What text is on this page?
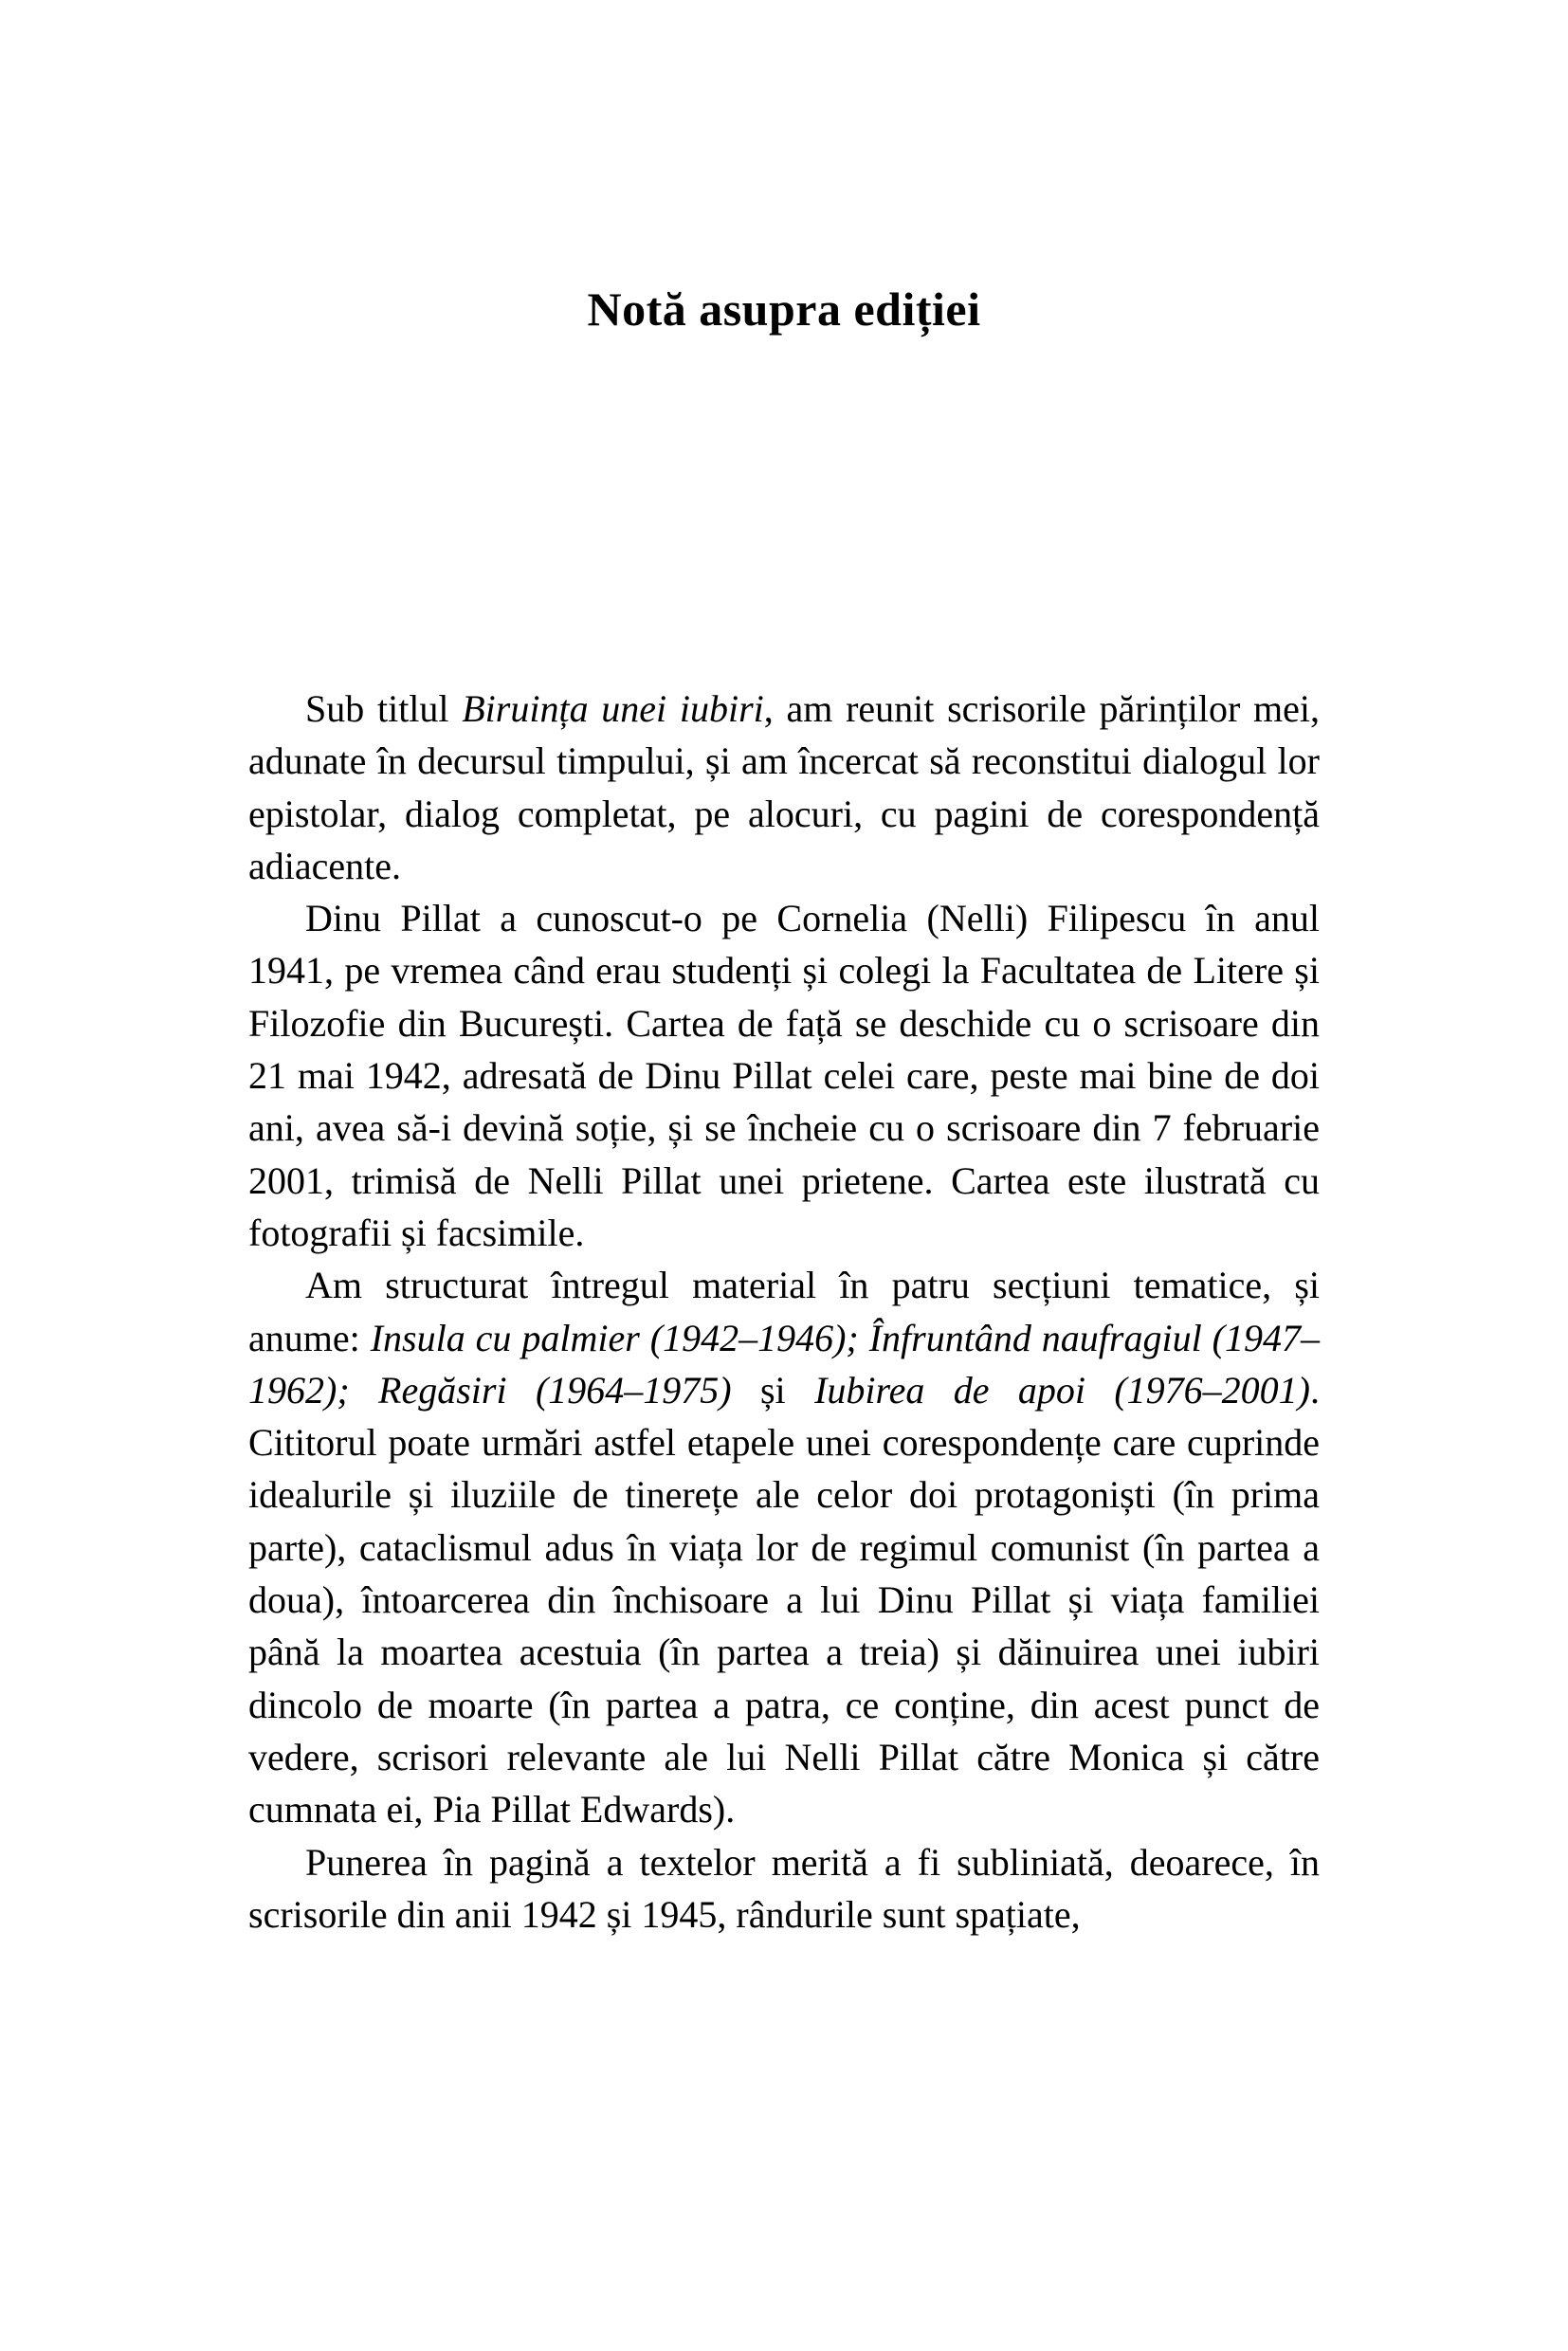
Notă asupra ediției

Sub titlul Biruința unei iubiri, am reunit scrisorile părinților mei, adunate în decursul timpului, și am încercat să reconstitui dialogul lor epistolar, dialog completat, pe alocuri, cu pagini de corespondență adiacente.

Dinu Pillat a cunoscut-o pe Cornelia (Nelli) Filipescu în anul 1941, pe vremea când erau studenți și colegi la Facultatea de Litere și Filozofie din București. Cartea de față se deschide cu o scrisoare din 21 mai 1942, adresată de Dinu Pillat celei care, peste mai bine de doi ani, avea să-i devină soție, și se încheie cu o scrisoare din 7 februarie 2001, trimisă de Nelli Pillat unei prietene. Cartea este ilustrată cu fotografii și facsimile.

Am structurat întregul material în patru secțiuni tematice, și anume: Insula cu palmier (1942–1946); Înfruntând naufragiul (1947–1962); Regăsiri (1964–1975) și Iubirea de apoi (1976–2001). Cititorul poate urmări astfel etapele unei corespondențe care cuprinde idealurile și iluziile de tinerețe ale celor doi protagoniști (în prima parte), cataclismul adus în viața lor de regimul comunist (în partea a doua), întoarcerea din închisoare a lui Dinu Pillat și viața familiei până la moartea acestuia (în partea a treia) și dăinuirea unei iubiri dincolo de moarte (în partea a patra, ce conține, din acest punct de vedere, scrisori relevante ale lui Nelli Pillat către Monica și către cumnata ei, Pia Pillat Edwards).

Punerea în pagină a textelor merită a fi subliniată, deoarece, în scrisorile din anii 1942 și 1945, rândurile sunt spațiate,
